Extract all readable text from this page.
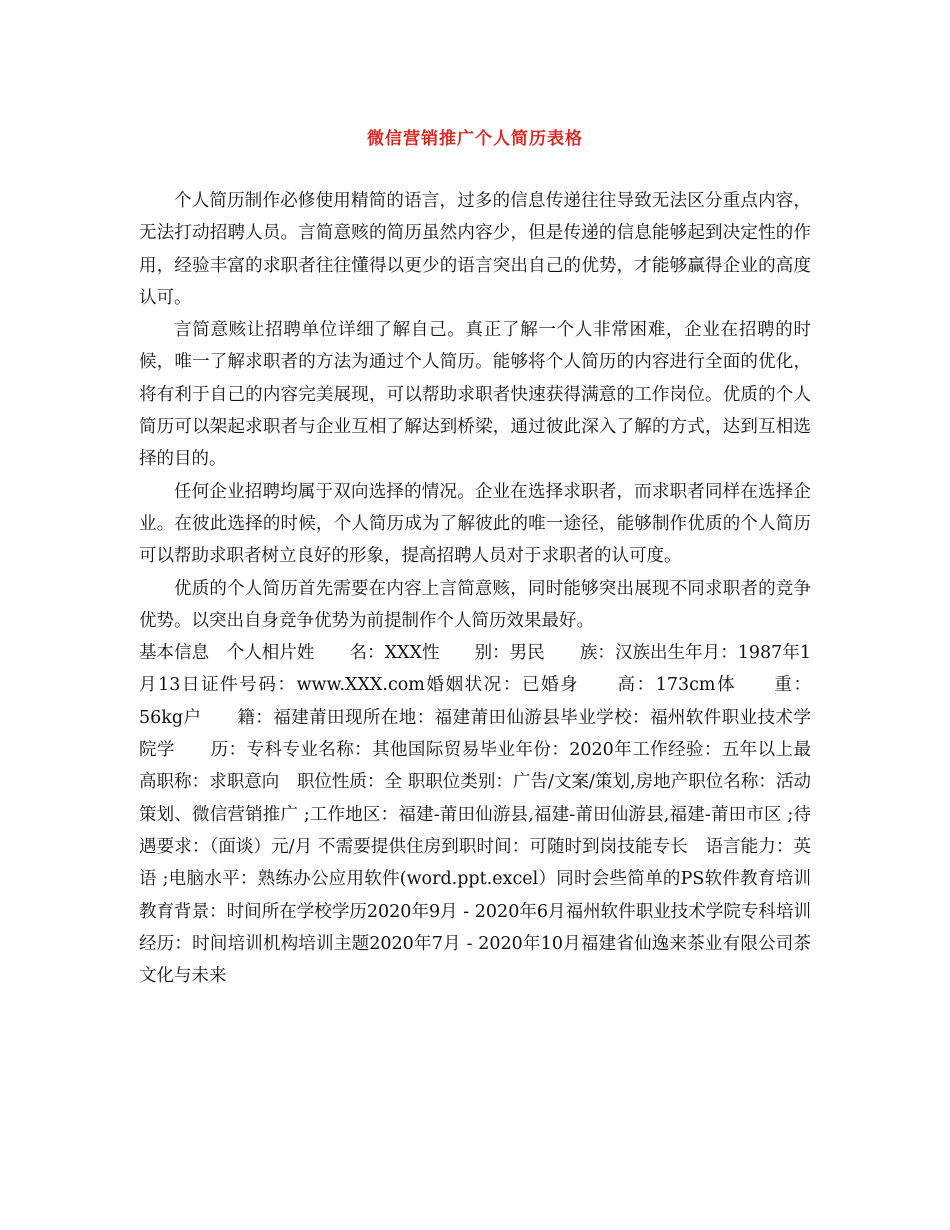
微信营销推广个人简历表格

个人简历制作必修使用精简的语言，过多的信息传递往往导致无法区分重点内容，无法打动招聘人员。言简意赅的简历虽然内容少，但是传递的信息能够起到决定性的作用，经验丰富的求职者往往懂得以更少的语言突出自己的优势，才能够赢得企业的高度认可。

言简意赅让招聘单位详细了解自己。真正了解一个人非常困难，企业在招聘的时候，唯一了解求职者的方法为通过个人简历。能够将个人简历的内容进行全面的优化，将有利于自己的内容完美展现，可以帮助求职者快速获得满意的工作岗位。优质的个人简历可以架起求职者与企业互相了解达到桥梁，通过彼此深入了解的方式，达到互相选择的目的。

任何企业招聘均属于双向选择的情况。企业在选择求职者，而求职者同样在选择企业。在彼此选择的时候，个人简历成为了解彼此的唯一途径，能够制作优质的个人简历可以帮助求职者树立良好的形象，提高招聘人员对于求职者的认可度。

优质的个人简历首先需要在内容上言简意赅，同时能够突出展现不同求职者的竞争优势。以突出自身竞争优势为前提制作个人简历效果最好。

基本信息　个人相片姓　　名：XXX性　　别：男民　　族：汉族出生年月：1987年1月13日证件号码：www.XXX.com婚姻状况：已婚身　　高：173cm体　　重：56kg户　　籍：福建莆田现所在地：福建莆田仙游县毕业学校：福州软件职业技术学院学　　历：专科专业名称：其他国际贸易毕业年份：2020年工作经验：五年以上最高职称：求职意向　职位性质：全 职职位类别：广告/文案/策划,房地产职位名称：活动策划、微信营销推广 ;工作地区：福建-莆田仙游县,福建-莆田仙游县,福建-莆田市区 ;待遇要求：（面谈）元/月 不需要提供住房到职时间：可随时到岗技能专长　语言能力：英语 ;电脑水平：熟练办公应用软件(word.ppt.excel）同时会些简单的PS软件教育培训　教育背景：时间所在学校学历2020年9月 - 2020年6月福州软件职业技术学院专科培训经历：时间培训机构培训主题2020年7月 - 2020年10月福建省仙逸来茶业有限公司茶文化与未来
